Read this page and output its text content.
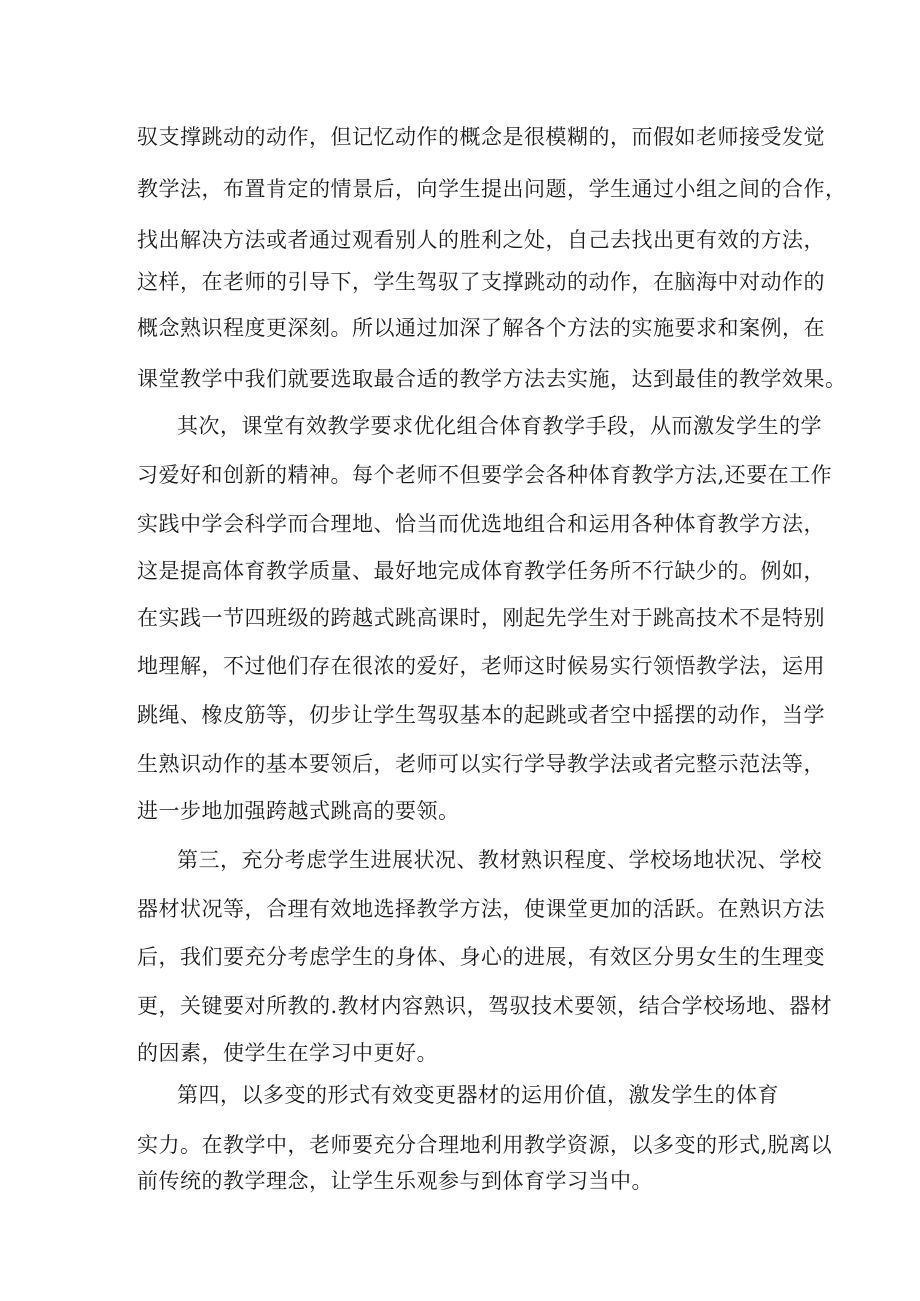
驭支撑跳动的动作，但记忆动作的概念是很模糊的，而假如老师接受发觉

教学法，布置肯定的情景后，向学生提出问题，学生通过小组之间的合作，

找出解决方法或者通过观看别人的胜利之处，自己去找出更有效的方法，

这样，在老师的引导下，学生驾驭了支撑跳动的动作，在脑海中对动作的

概念熟识程度更深刻。所以通过加深了解各个方法的实施要求和案例，在

课堂教学中我们就要选取最合适的教学方法去实施，达到最佳的教学效果。

其次，课堂有效教学要求优化组合体育教学手段，从而激发学生的学

习爱好和创新的精神。每个老师不但要学会各种体育教学方法,还要在工作

实践中学会科学而合理地、恰当而优选地组合和运用各种体育教学方法，

这是提高体育教学质量、最好地完成体育教学任务所不行缺少的。例如，

在实践一节四班级的跨越式跳高课时，刚起先学生对于跳高技术不是特别

地理解，不过他们存在很浓的爱好，老师这时候易实行领悟教学法，运用

跳绳、橡皮筋等，仞步让学生驾驭基本的起跳或者空中摇摆的动作，当学

生熟识动作的基本要领后，老师可以实行学导教学法或者完整示范法等，

进一步地加强跨越式跳高的要领。

第三，充分考虑学生进展状况、教材熟识程度、学校场地状况、学校

器材状况等，合理有效地选择教学方法，使课堂更加的活跃。在熟识方法

后，我们要充分考虑学生的身体、身心的进展，有效区分男女生的生理变

更，关键要对所教的.教材内容熟识，驾驭技术要领，结合学校场地、器材

的因素，使学生在学习中更好。

第四，以多变的形式有效变更器材的运用价值，激发学生的体育

实力。在教学中，老师要充分合理地利用教学资源，以多变的形式,脱离以

前传统的教学理念，让学生乐观参与到体育学习当中。
